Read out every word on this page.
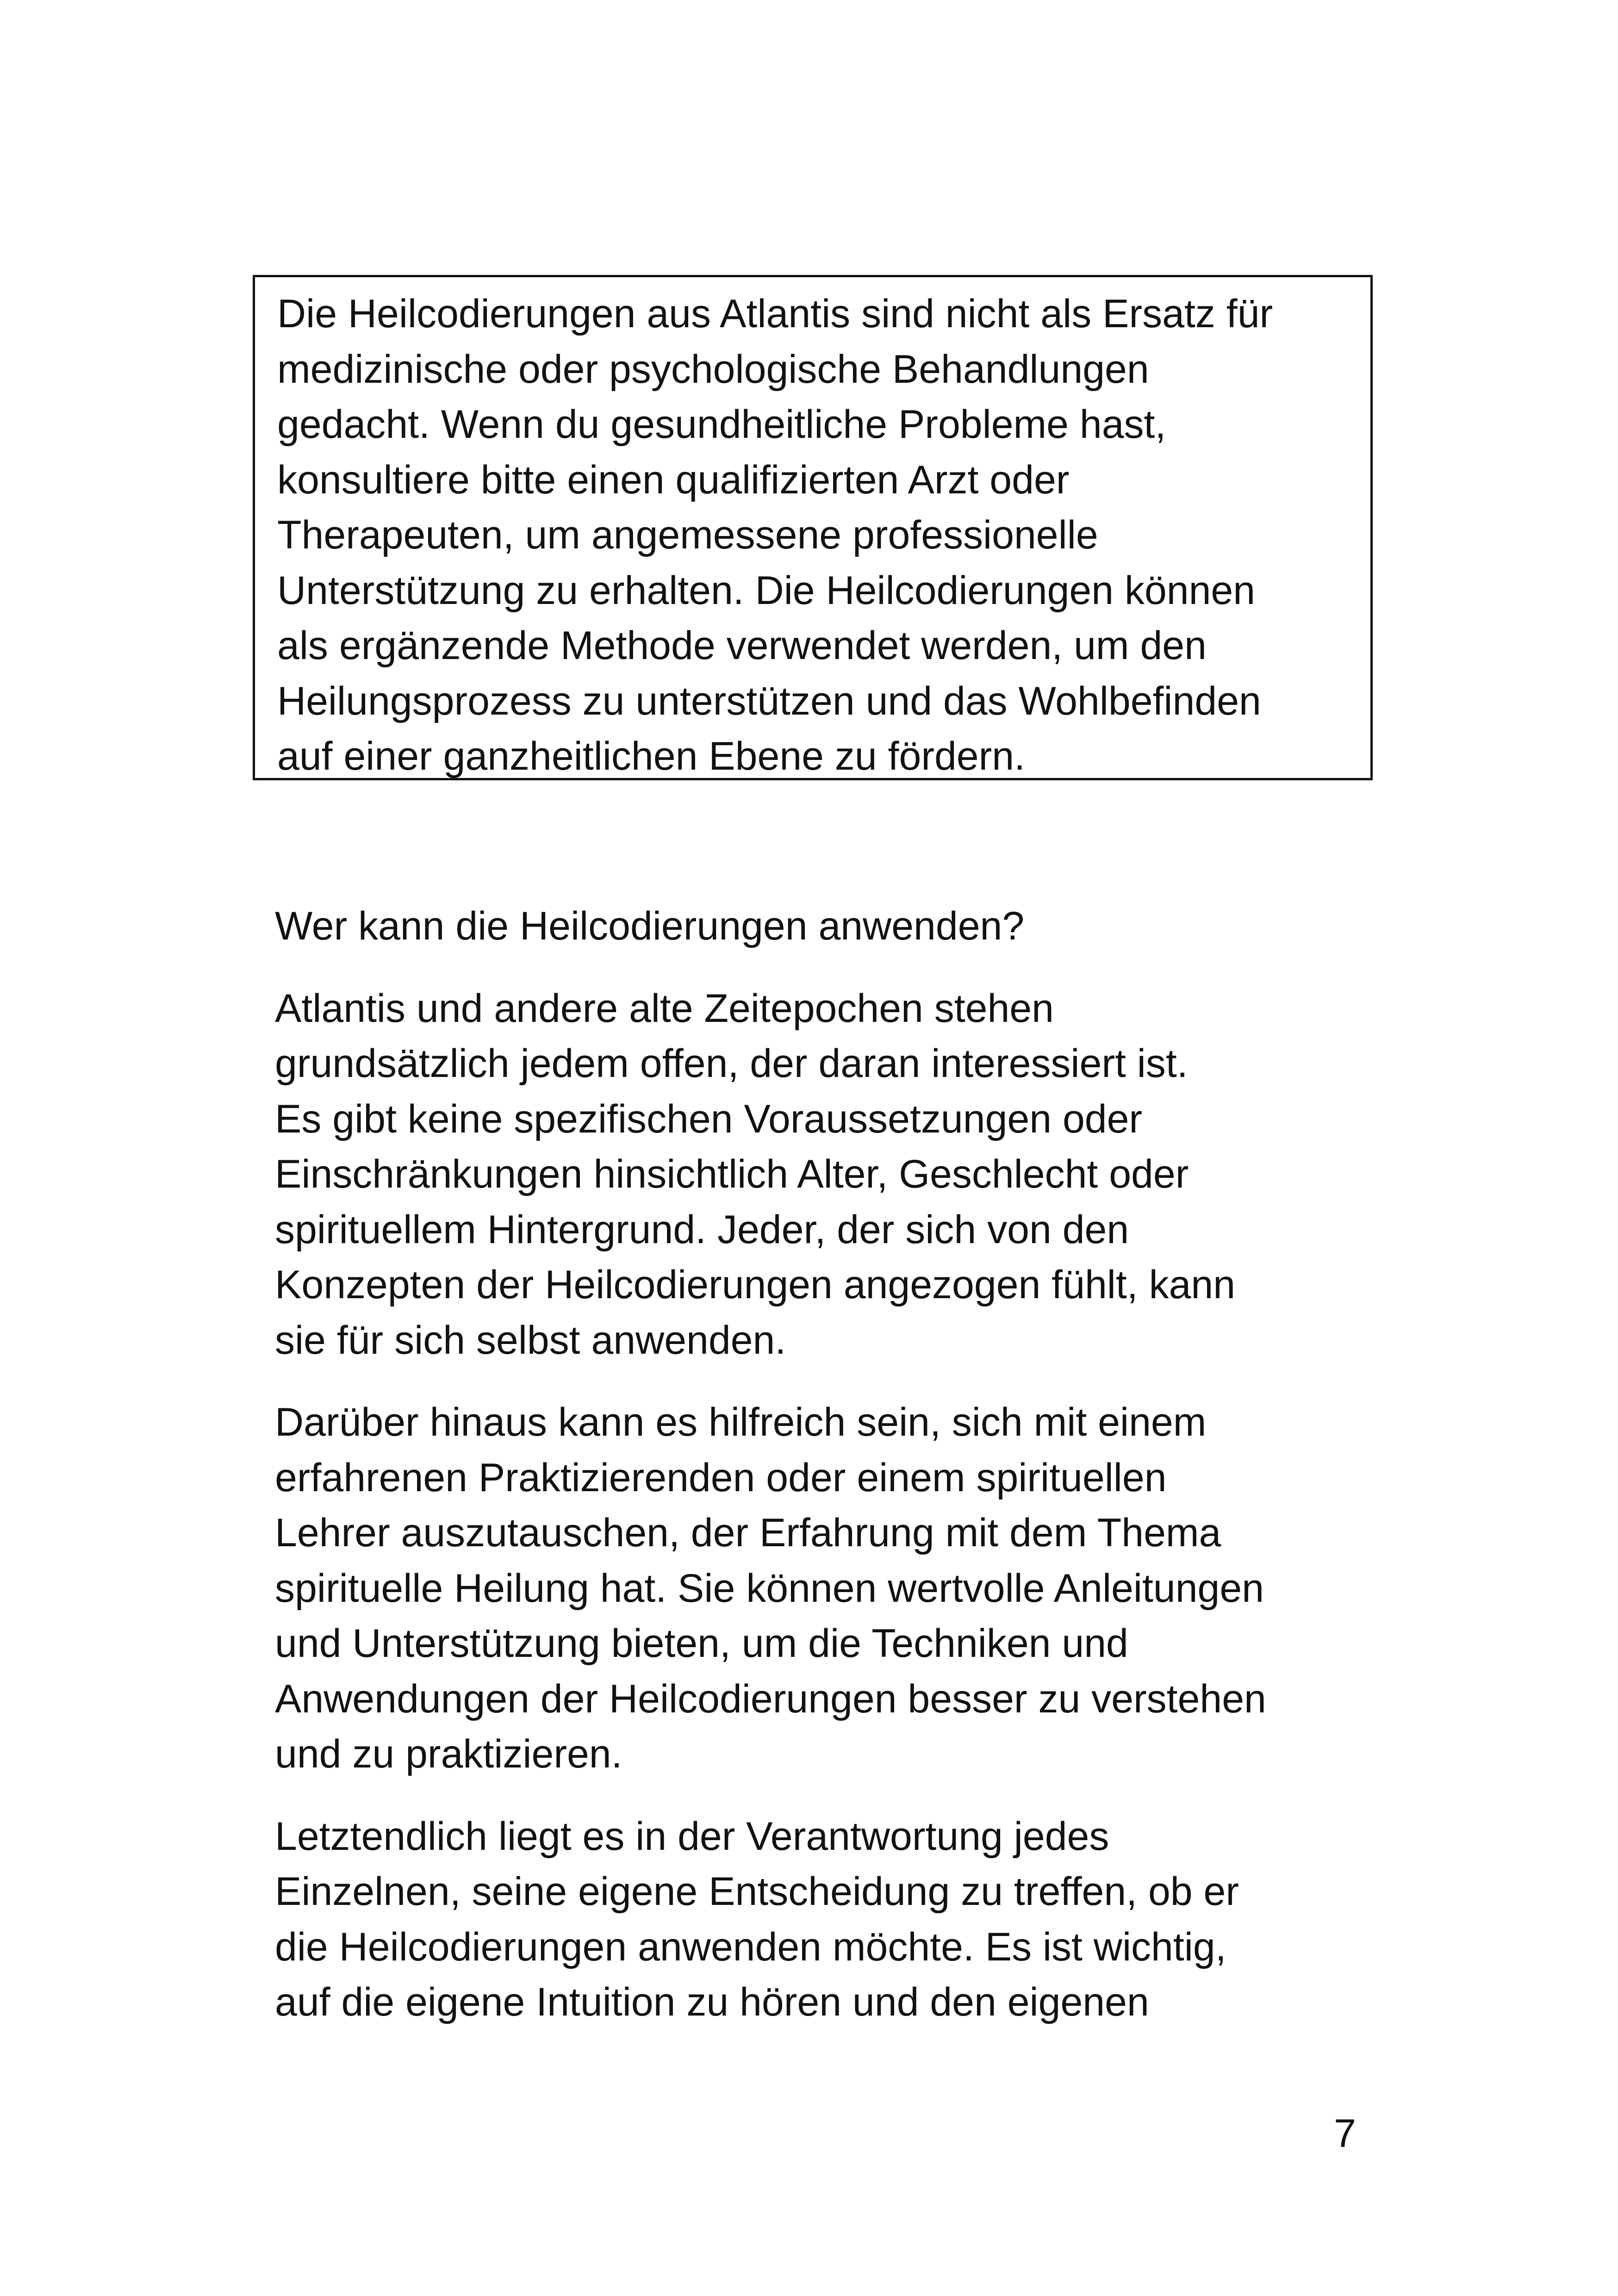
Die Heilcodierungen aus Atlantis sind nicht als Ersatz für
medizinische oder psychologische Behandlungen
gedacht. Wenn du gesundheitliche Probleme hast,
konsultiere bitte einen qualifizierten Arzt oder
Therapeuten, um angemessene professionelle
Unterstützung zu erhalten. Die Heilcodierungen können
als ergänzende Methode verwendet werden, um den
Heilungsprozess zu unterstützen und das Wohlbefinden
auf einer ganzheitlichen Ebene zu fördern.
Wer kann die Heilcodierungen anwenden?
Atlantis und andere alte Zeitepochen stehen
grundsätzlich jedem offen, der daran interessiert ist.
Es gibt keine spezifischen Voraussetzungen oder
Einschränkungen hinsichtlich Alter, Geschlecht oder
spirituellem Hintergrund. Jeder, der sich von den
Konzepten der Heilcodierungen angezogen fühlt, kann
sie für sich selbst anwenden.
Darüber hinaus kann es hilfreich sein, sich mit einem
erfahrenen Praktizierenden oder einem spirituellen
Lehrer auszutauschen, der Erfahrung mit dem Thema
spirituelle Heilung hat. Sie können wertvolle Anleitungen
und Unterstützung bieten, um die Techniken und
Anwendungen der Heilcodierungen besser zu verstehen
und zu praktizieren.
Letztendlich liegt es in der Verantwortung jedes
Einzelnen, seine eigene Entscheidung zu treffen, ob er
die Heilcodierungen anwenden möchte. Es ist wichtig,
auf die eigene Intuition zu hören und den eigenen
7
